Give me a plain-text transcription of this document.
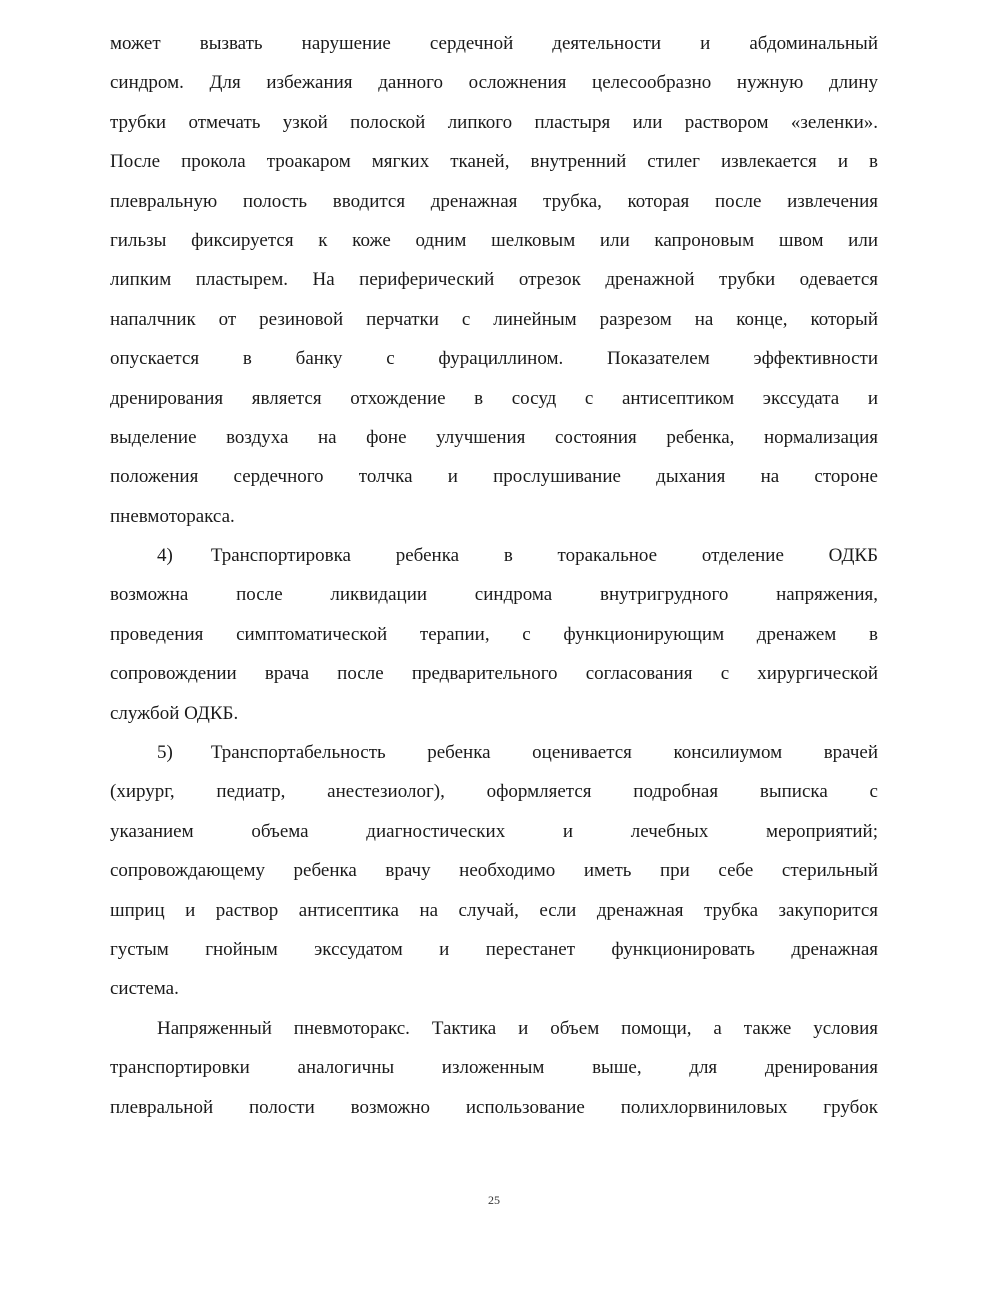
может вызвать нарушение сердечной деятельности и абдоминальный
синдром. Для избежания данного осложнения целесообразно нужную длину
трубки отмечать узкой полоской липкого пластыря или раствором «зеленки».
После прокола троакаром мягких тканей, внутренний стилег извлекается и в
плевральную полость вводится дренажная трубка, которая после извлечения
гильзы фиксируется к коже одним шелковым или капроновым швом или
липким пластырем. На периферический отрезок дренажной трубки одевается
напалчник от резиновой перчатки с линейным разрезом на конце, который
опускается в банку с фурациллином. Показателем эффективности
дренирования является отхождение в сосуд с антисептиком экссудата и
выделение воздуха на фоне улучшения состояния ребенка, нормализация
положения сердечного толчка и прослушивание дыхания на стороне
пневмоторакса.
4)  Транспортировка ребенка в торакальное отделение ОДКБ
возможна после ликвидации синдрома внутригрудного напряжения,
проведения симптоматической терапии, с функционирующим дренажем в
сопровождении врача после предварительного согласования с хирургической
службой ОДКБ.
5)  Транспортабельность ребенка оценивается консилиумом врачей
(хирург, педиатр, анестезиолог), оформляется подробная выписка с
указанием объема диагностических и лечебных мероприятий;
сопровождающему ребенка врачу необходимо иметь при себе стерильный
шприц и раствор антисептика на случай, если дренажная трубка закупорится
густым гнойным экссудатом и перестанет функционировать дренажная
система.
Напряженный пневмоторакс. Тактика и объем помощи, а также условия
транспортировки аналогичны изложенным выше, для дренирования
плевральной полости возможно использование полихлорвиниловых грубок
25
